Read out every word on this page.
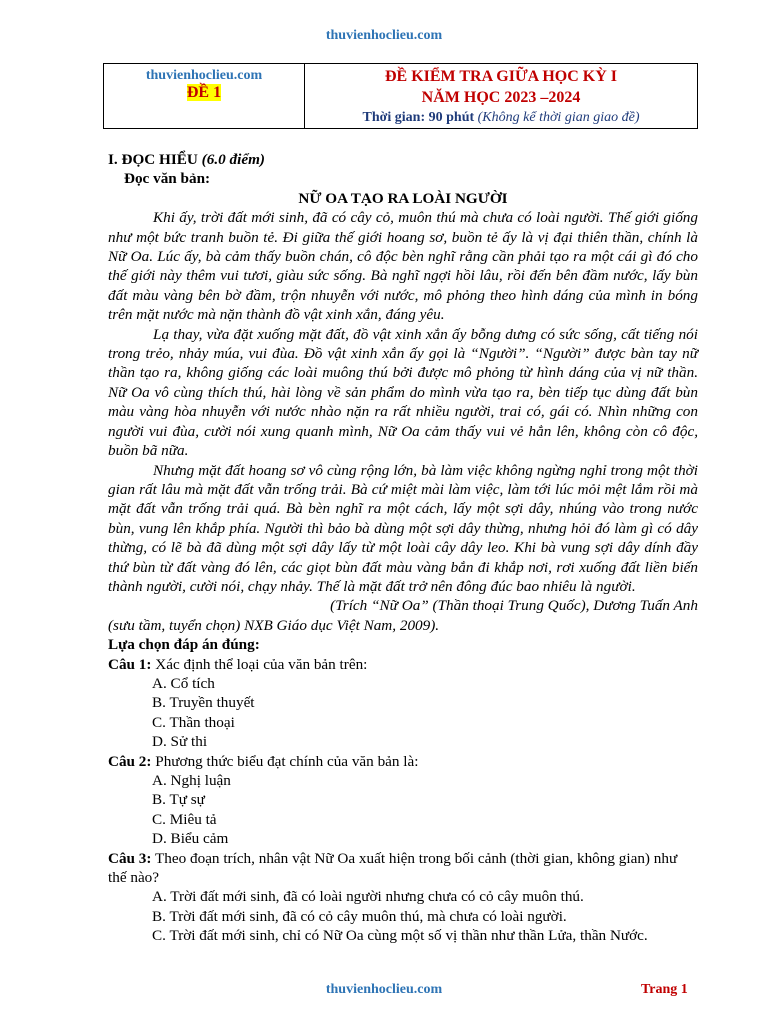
thuvienhoclieu.com
thuvienhoclieu.com
ĐỀ 1
ĐỀ KIỂM TRA GIỮA HỌC KỲ I
NĂM HỌC 2023 –2024
Thời gian: 90 phút (Không kể thời gian giao đề)

I. ĐỌC HIỂU (6.0 điểm)

Đọc văn bản:

NỮ OA TẠO RA LOÀI NGƯỜI

Khi ấy, trời đất mới sinh, đã có cây cỏ, muôn thú mà chưa có loài người. Thế giới giống như một bức tranh buồn tẻ. Đi giữa thế giới hoang sơ, buồn tẻ ấy là vị đại thiên thần, chính là Nữ Oa. Lúc ấy, bà cảm thấy buồn chán, cô độc bèn nghĩ rằng cần phải tạo ra một cái gì đó cho thế giới này thêm vui tươi, giàu sức sống. Bà nghĩ ngợi hồi lâu, rồi đến bên đầm nước, lấy bùn đất màu vàng bên bờ đầm, trộn nhuyễn với nước, mô phỏng theo hình dáng của mình in bóng trên mặt nước mà nặn thành đồ vật xinh xắn, đáng yêu.

Lạ thay, vừa đặt xuống mặt đất, đồ vật xinh xắn ấy bỗng dưng có sức sống, cất tiếng nói trong trẻo, nhảy múa, vui đùa. Đồ vật xinh xắn ấy gọi là “Người”. “Người” được bàn tay nữ thần tạo ra, không giống các loài muông thú bởi được mô phỏng từ hình dáng của vị nữ thần. Nữ Oa vô cùng thích thú, hài lòng về sản phẩm do mình vừa tạo ra, bèn tiếp tục dùng đất bùn màu vàng hòa nhuyễn với nước nhào nặn ra rất nhiều người, trai có, gái có. Nhìn những con người vui đùa, cười nói xung quanh mình, Nữ Oa cảm thấy vui vẻ hẳn lên, không còn cô độc, buồn bã nữa.

Nhưng mặt đất hoang sơ vô cùng rộng lớn, bà làm việc không ngừng nghỉ trong một thời gian rất lâu mà mặt đất vẫn trống trải. Bà cứ miệt mài làm việc, làm tới lúc mỏi mệt lắm rồi mà mặt đất vẫn trống trải quá. Bà bèn nghĩ ra một cách, lấy một sợi dây, nhúng vào trong nước bùn, vung lên khắp phía. Người thì bảo bà dùng một sợi dây thừng, nhưng hỏi đó làm gì có dây thừng, có lẽ bà đã dùng một sợi dây lấy từ một loài cây dây leo. Khi bà vung sợi dây dính đầy thứ bùn từ đất vàng đó lên, các giọt bùn đất màu vàng bắn đi khắp nơi, rơi xuống đất liền biến thành người, cười nói, chạy nhảy. Thế là mặt đất trở nên đông đúc bao nhiêu là người.

(Trích “Nữ Oa” (Thần thoại Trung Quốc), Dương Tuấn Anh

(sưu tầm, tuyển chọn) NXB Giáo dục Việt Nam, 2009).

Lựa chọn đáp án đúng:

Câu 1: Xác định thể loại của văn bản trên:

A. Cổ tích

B. Truyền thuyết

C. Thần thoại

D. Sử thi

Câu 2: Phương thức biểu đạt chính của văn bản là:

A. Nghị luận

B. Tự sự

C. Miêu tả

D. Biểu cảm

Câu 3: Theo đoạn trích, nhân vật Nữ Oa xuất hiện trong bối cảnh (thời gian, không gian) như thế nào?

A. Trời đất mới sinh, đã có loài người nhưng chưa có cỏ cây muôn thú.

B. Trời đất mới sinh, đã có cỏ cây muôn thú, mà chưa có loài người.

C. Trời đất mới sinh, chỉ có Nữ Oa cùng một số vị thần như thần Lửa, thần Nước.

thuvienhoclieu.com	Trang 1
